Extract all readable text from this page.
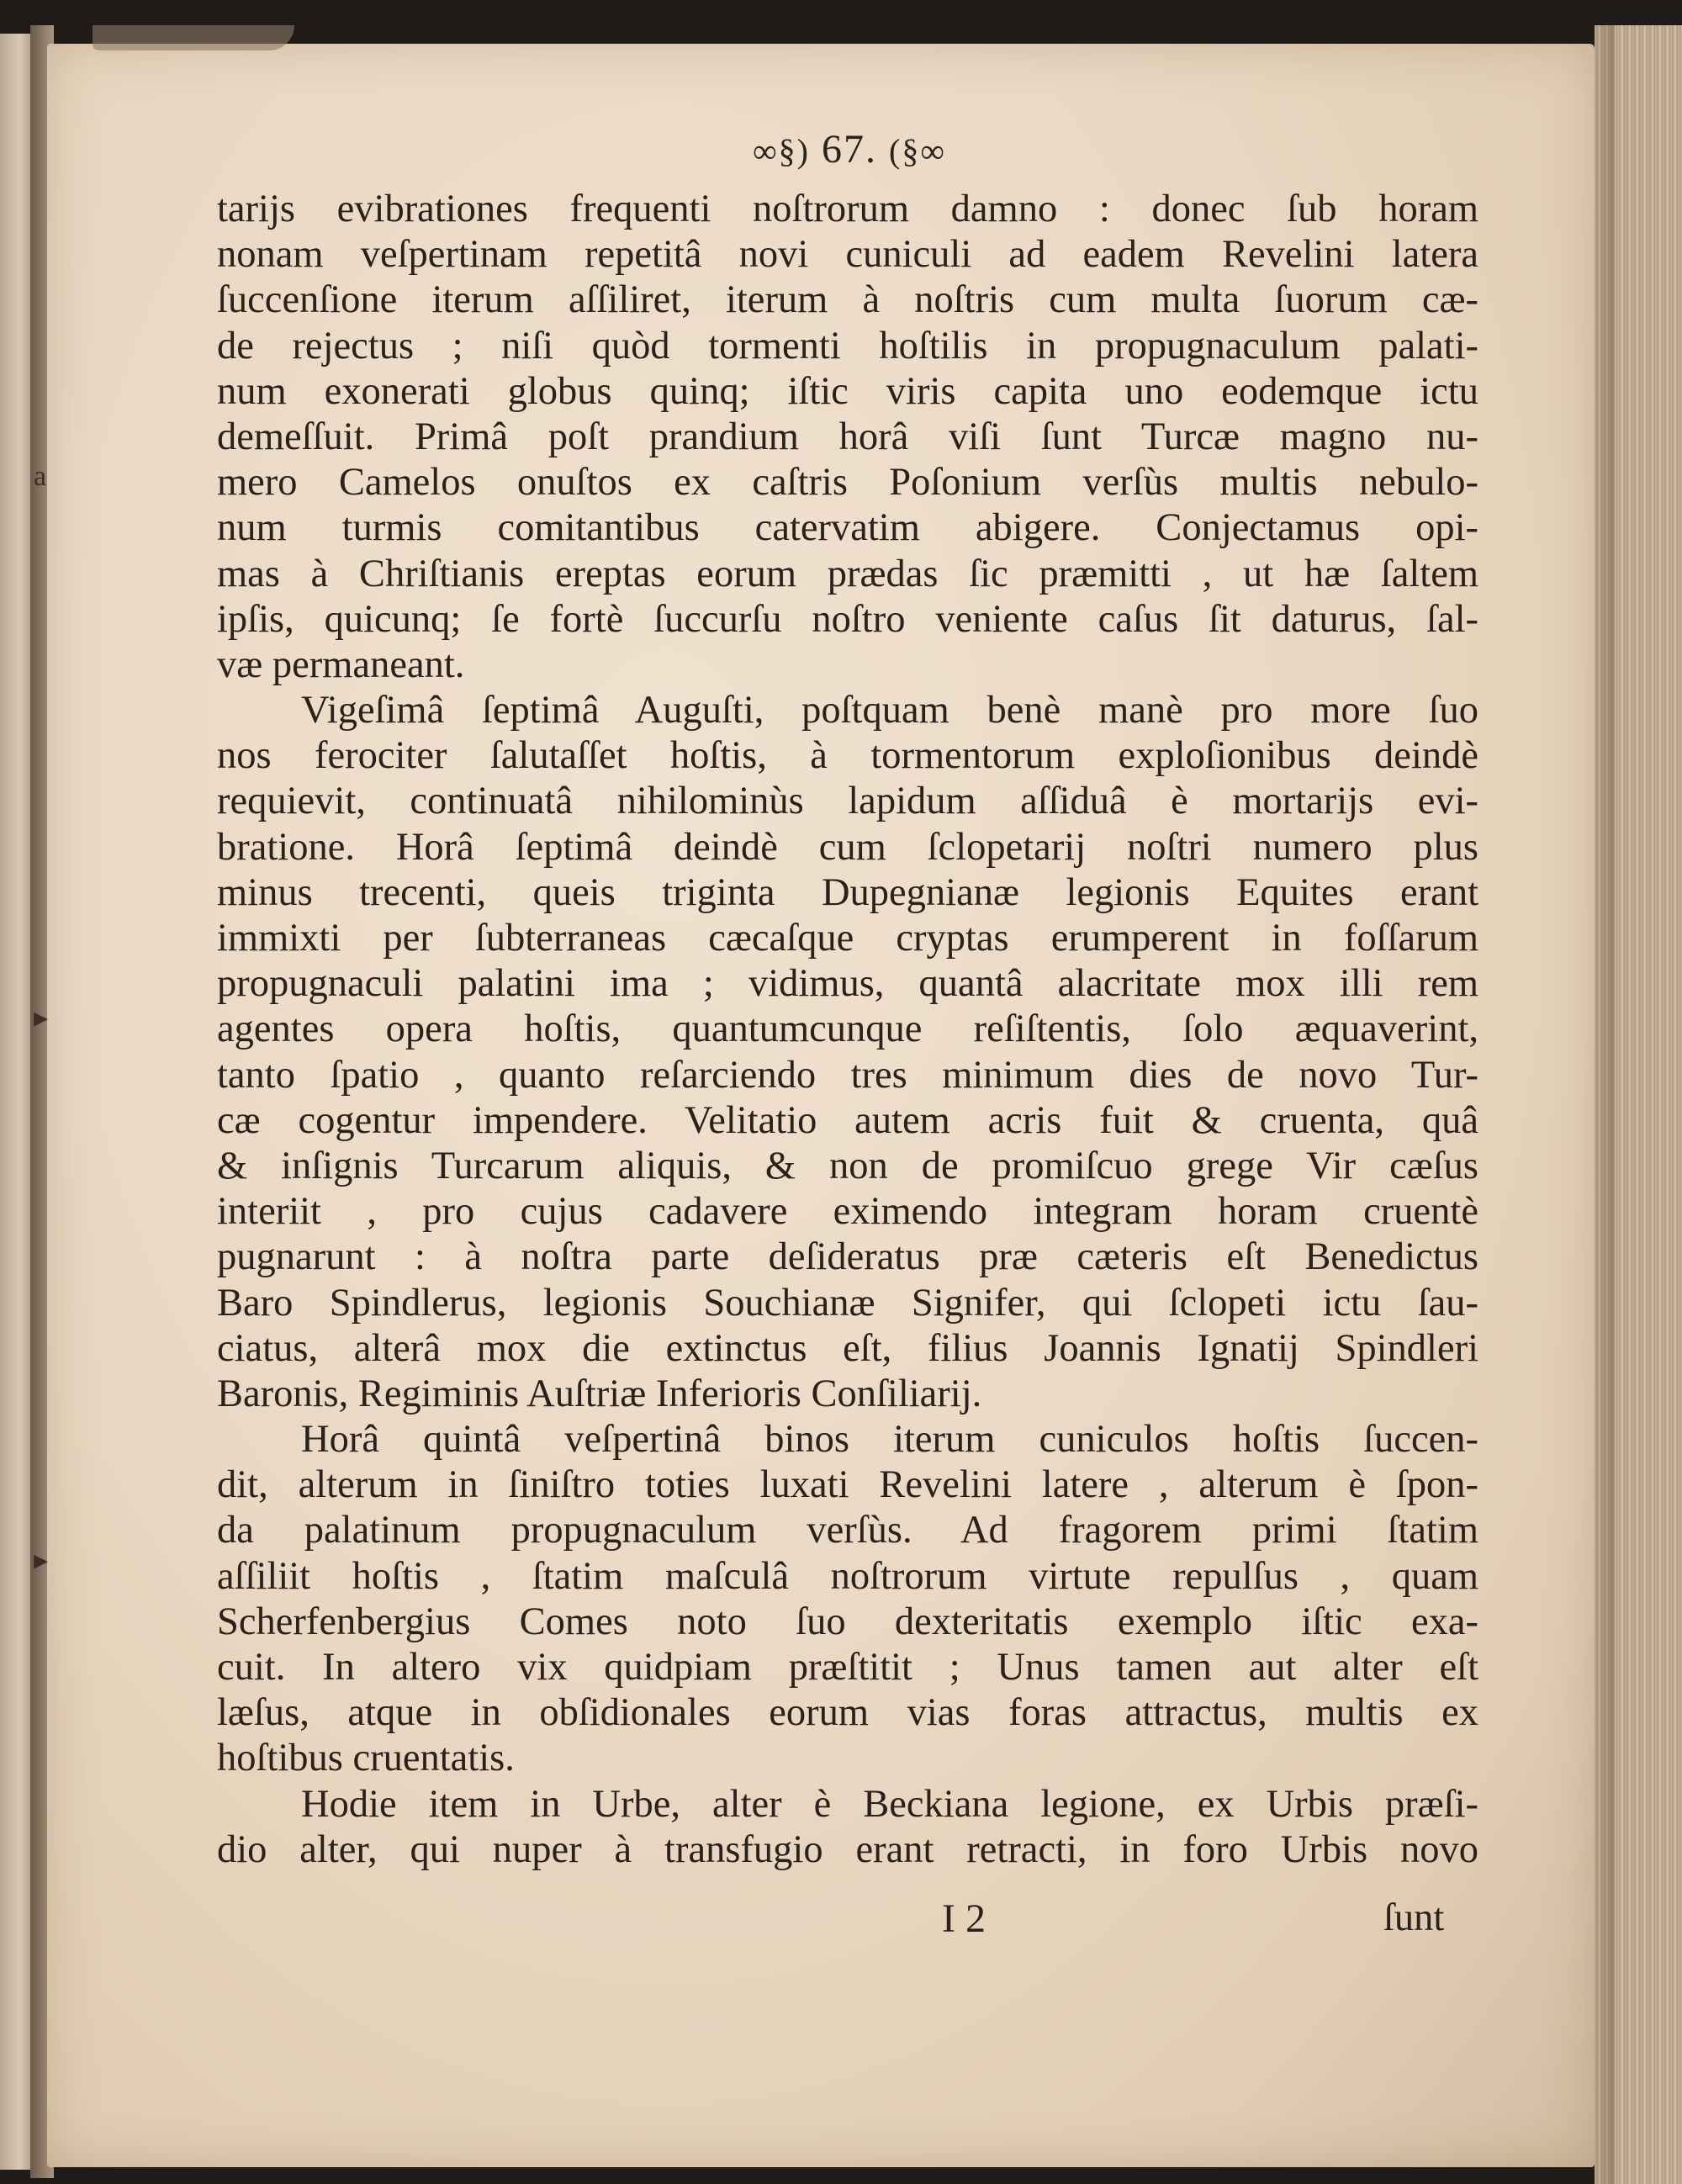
a
▸
▸
∞§) 67. (§∞
tarijs evibrationes frequenti noſtrorum damno : donec ſub horam
nonam veſpertinam repetitâ novi cuniculi ad eadem Revelini latera
ſuccenſione iterum aſſiliret, iterum à noſtris cum multa ſuorum cæ-
de rejectus ; niſi quòd tormenti hoſtilis in propugnaculum palati-
num exonerati globus quinq; iſtic viris capita uno eodemque ictu
demeſſuit. Primâ poſt prandium horâ viſi ſunt Turcæ magno nu-
mero Camelos onuſtos ex caſtris Poſonium verſùs multis nebulo-
num turmis comitantibus catervatim abigere. Conjectamus opi-
mas à Chriſtianis ereptas eorum prædas ſic præmitti , ut hæ ſaltem
ipſis, quicunq; ſe fortè ſuccurſu noſtro veniente caſus ſit daturus, ſal-
væ permaneant.
Vigeſimâ ſeptimâ Auguſti, poſtquam benè manè pro more ſuo
nos ferociter ſalutaſſet hoſtis, à tormentorum exploſionibus deindè
requievit, continuatâ nihilominùs lapidum aſſiduâ è mortarijs evi-
bratione. Horâ ſeptimâ deindè cum ſclopetarij noſtri numero plus
minus trecenti, queis triginta Dupegnianæ legionis Equites erant
immixti per ſubterraneas cæcaſque cryptas erumperent in foſſarum
propugnaculi palatini ima ; vidimus, quantâ alacritate mox illi rem
agentes opera hoſtis, quantumcunque reſiſtentis, ſolo æquaverint,
tanto ſpatio , quanto reſarciendo tres minimum dies de novo Tur-
cæ cogentur impendere. Velitatio autem acris fuit & cruenta, quâ
& inſignis Turcarum aliquis, & non de promiſcuo grege Vir cæſus
interiit , pro cujus cadavere eximendo integram horam cruentè
pugnarunt : à noſtra parte deſideratus præ cæteris eſt Benedictus
Baro Spindlerus, legionis Souchianæ Signifer, qui ſclopeti ictu ſau-
ciatus, alterâ mox die extinctus eſt, filius Joannis Ignatij Spindleri
Baronis, Regiminis Auſtriæ Inferioris Conſiliarij.
Horâ quintâ veſpertinâ binos iterum cuniculos hoſtis ſuccen-
dit, alterum in ſiniſtro toties luxati Revelini latere , alterum è ſpon-
da palatinum propugnaculum verſùs. Ad fragorem primi ſtatim
aſſiliit hoſtis , ſtatim maſculâ noſtrorum virtute repulſus , quam
Scherfenbergius Comes noto ſuo dexteritatis exemplo iſtic exa-
cuit. In altero vix quidpiam præſtitit ; Unus tamen aut alter eſt
læſus, atque in obſidionales eorum vias foras attractus, multis ex
hoſtibus cruentatis.
Hodie item in Urbe, alter è Beckiana legione, ex Urbis præſi-
dio alter, qui nuper à transfugio erant retracti, in foro Urbis novo
I 2	ſunt
